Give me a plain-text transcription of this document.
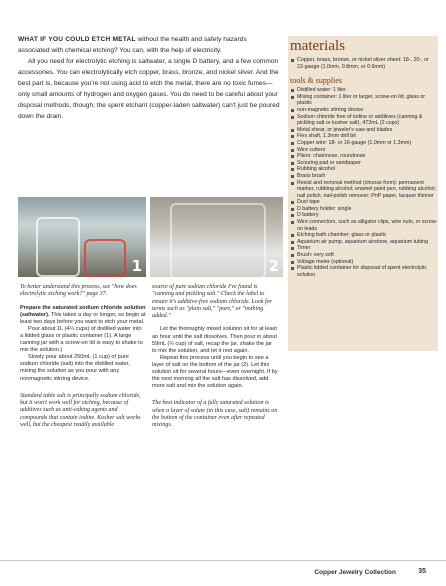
WHAT IF YOU COULD ETCH METAL without the health and safety hazards associated with chemical etching? You can, with the help of electricity.

All you need for electrolytic etching is saltwater, a single D battery, and a few common accessories. You can electrolytically etch copper, brass, bronze, and nickel silver. And the best part is, because you're not using acid to etch the metal, there are no toxic fumes—only small amounts of hydrogen and oxygen gases. You do need to be careful about your disposal methods, though; the spent etchant (copper-laden saltwater) can't just be poured down the drain.

materials
Copper, brass, bronze, or nickel silver sheet: 18-, 20-, or 22-gauge (1.0mm, 0.8mm, or 0.6mm)
tools & supplies
Distilled water: 1 liter
Mixing container: 1 liter or larger, screw-on lid, glass or plastic
non-magnetic stirring device
Sodium chloride free of iodine or additives (canning & pickling salt or kosher salt), 473mL (2 cups)
Metal shear, or jeweler's saw and blades
Flex shaft, 1.3mm drill bit
Copper wire: 18- or 16-gauge (1.0mm or 1.3mm)
Wire cutters
Pliers: chainnose, roundnose
Scouring pad or sandpaper
Rubbing alcohol
Brass brush
Resist and removal method (choose from): permanent marker, rubbing alcohol; enamel paint pen, rubbing alcohol; nail polish, nail-polish remover; PnP paper, lacquer thinner
Duct tape
D battery holder: single
D battery
Wire connectors, such as alligator clips, wire nuts, or screw-on leads
Etching bath chamber: glass or plastic
Aquarium air pump, aquarium airstone, aquarium tubing
Timer
Brush: very soft
Voltage meter (optional)
Plastic lidded container for disposal of spent electrolytic solution
1	2

To better understand this process, see "how does electrolytic etching work?" page 37.

Prepare the saturated sodium chloride solution (saltwater). This takes a day or longer, so begin at least two days before you want to etch your metal.

Pour about 1L (4¼ cups) of distilled water into a lidded glass or plastic container (1). A large canning jar with a screw-on lid is easy to shake to mix the solution.)

Slowly pour about 250mL (1 cup) of pure sodium chloride (salt) into the distilled water, mixing the solution as you pour with any nonmagnetic stirring device.

Standard table salt is principally sodium chloride, but it won't work well for etching, because of additives such as anti-caking agents and compounds that contain iodine. Kosher salt works well, but the cheapest readily available

source of pure sodium chloride I've found is "canning and pickling salt." Check the label to ensure it's additive-free sodium chloride. Look for terms such as "plain salt," "pure," or "nothing added."

Let the thoroughly mixed solution sit for at least an hour until the salt dissolves. Then pour in about 59mL (¼ cup) of salt, recap the jar, shake the jar to mix the solution, and let it rest again.

Repeat this process until you begin to see a layer of salt on the bottom of the jar (2). Let this solution sit for several hours—even overnight. If by the next morning all the salt has dissolved, add more salt and mix the solution again.

The best indicator of a fully saturated solution is when a layer of solute (in this case, salt) remains on the bottom of the container even after repeated mixings.

Copper Jewelry Collection	35
